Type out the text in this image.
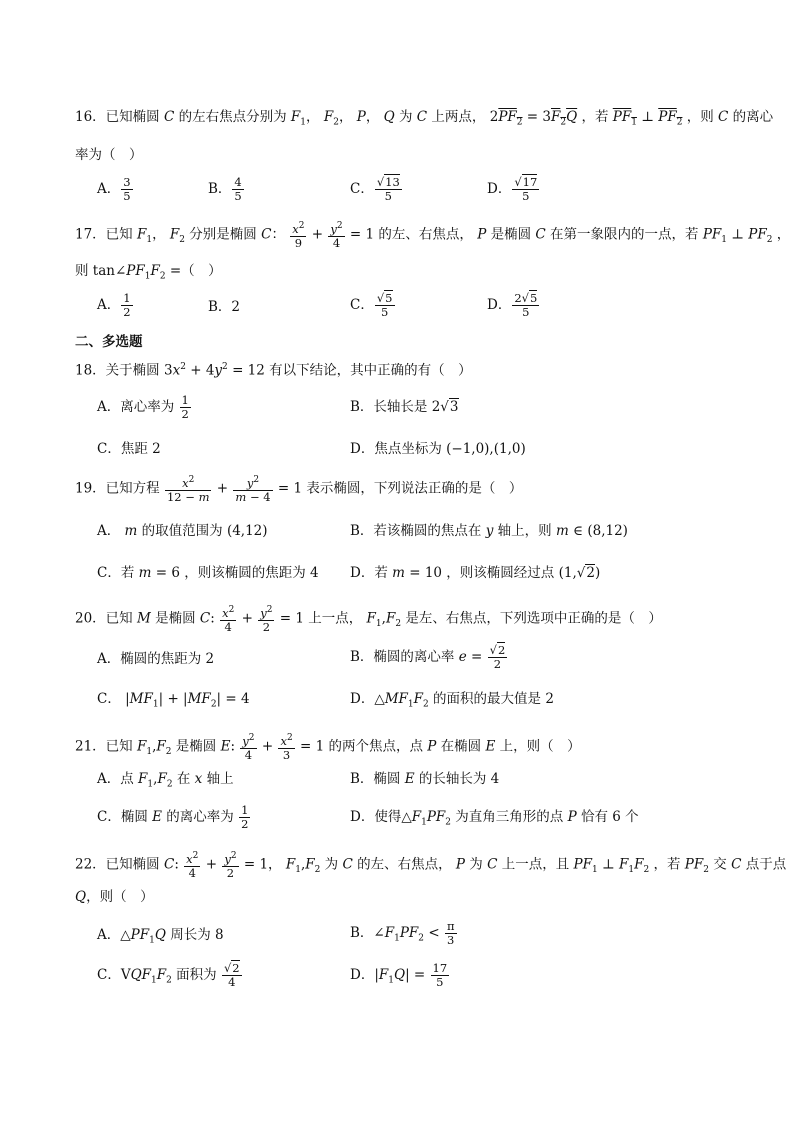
16．已知椭圆 C 的左右焦点分别为 $F_1$， $F_2$， P， Q 为 C 上两点， $2PF_2 = 3F_2Q$ ，若 $PF_1$ ⊥ $PF_2$ ，则 C 的离心
率为（　）
A． $\frac{3}{5}$	B． $\frac{4}{5}$	C． $\frac{√13}{5}$	D． $\frac{√17}{5}$
17．已知 $F_1$， $F_2$ 分别是椭圆 C： $\frac{x^2}{9} + \frac{y^2}{4} = 1$ 的左、右焦点， P 是椭圆 C 在第一象限内的一点，若 $PF_1$ ⊥ $PF_2$ ，
则 $\tan\angle PF_1F_2$ =（　）
A． $\frac{1}{2}$	B．2	C． $\frac{√5}{5}$	D． $\frac{2√5}{5}$
二、多选题
18．关于椭圆 $3x^2 + 4y^2 = 12$ 有以下结论，其中正确的有（　）
A．离心率为 $\frac{1}{2}$	B．长轴长是 2√3
C．焦距 2	D．焦点坐标为 (−1,0),(1,0)
19．已知方程 $\frac{x^2}{12 - m} + \frac{y^2}{m - 4} = 1$ 表示椭圆，下列说法正确的是（　）
A． m 的取值范围为 (4,12)	B．若该椭圆的焦点在 y 轴上，则 m ∈ (8,12)
C．若 m = 6 ，则该椭圆的焦距为 4 D．若 m = 10 ，则该椭圆经过点 (1,√2)
20．已知 M 是椭圆 C: $\frac{x^2}{4} + \frac{y^2}{2} = 1$ 上一点， $F_1,F_2$ 是左、右焦点，下列选项中正确的是（　）
A．椭圆的焦距为 2	B．椭圆的离心率 $e = \frac{√2}{2}$
C． $|MF_1| + |MF_2| = 4$	D．$\triangle MF_1F_2$ 的面积的最大值是 2
21．已知 $F_1,F_2$ 是椭圆 E: $\frac{y^2}{4} + \frac{x^2}{3} = 1$ 的两个焦点，点 P 在椭圆 E 上，则（　）
A．点 $F_1,F_2$ 在 x 轴上	B．椭圆 E 的长轴长为 4
C．椭圆 E 的离心率为 $\frac{1}{2}$	D．使得$\triangle F_1PF_2$ 为直角三角形的点 P 恰有 6 个
22．已知椭圆 C: $\frac{x^2}{4} + \frac{y^2}{2} = 1$， $F_1,F_2$ 为 C 的左、右焦点， P 为 C 上一点，且 $PF_1$ ⊥ $F_1F_2$ ，若 $PF_2$ 交 C 点于点
Q，则（　）
A．$\triangle PF_1Q$ 周长为 8	B．$\angle F_1PF_2 < \frac{\pi}{3}$
C．$VQF_1F_2$ 面积为 $\frac{√2}{4}$	D．$|F_1Q| = \frac{17}{5}$
